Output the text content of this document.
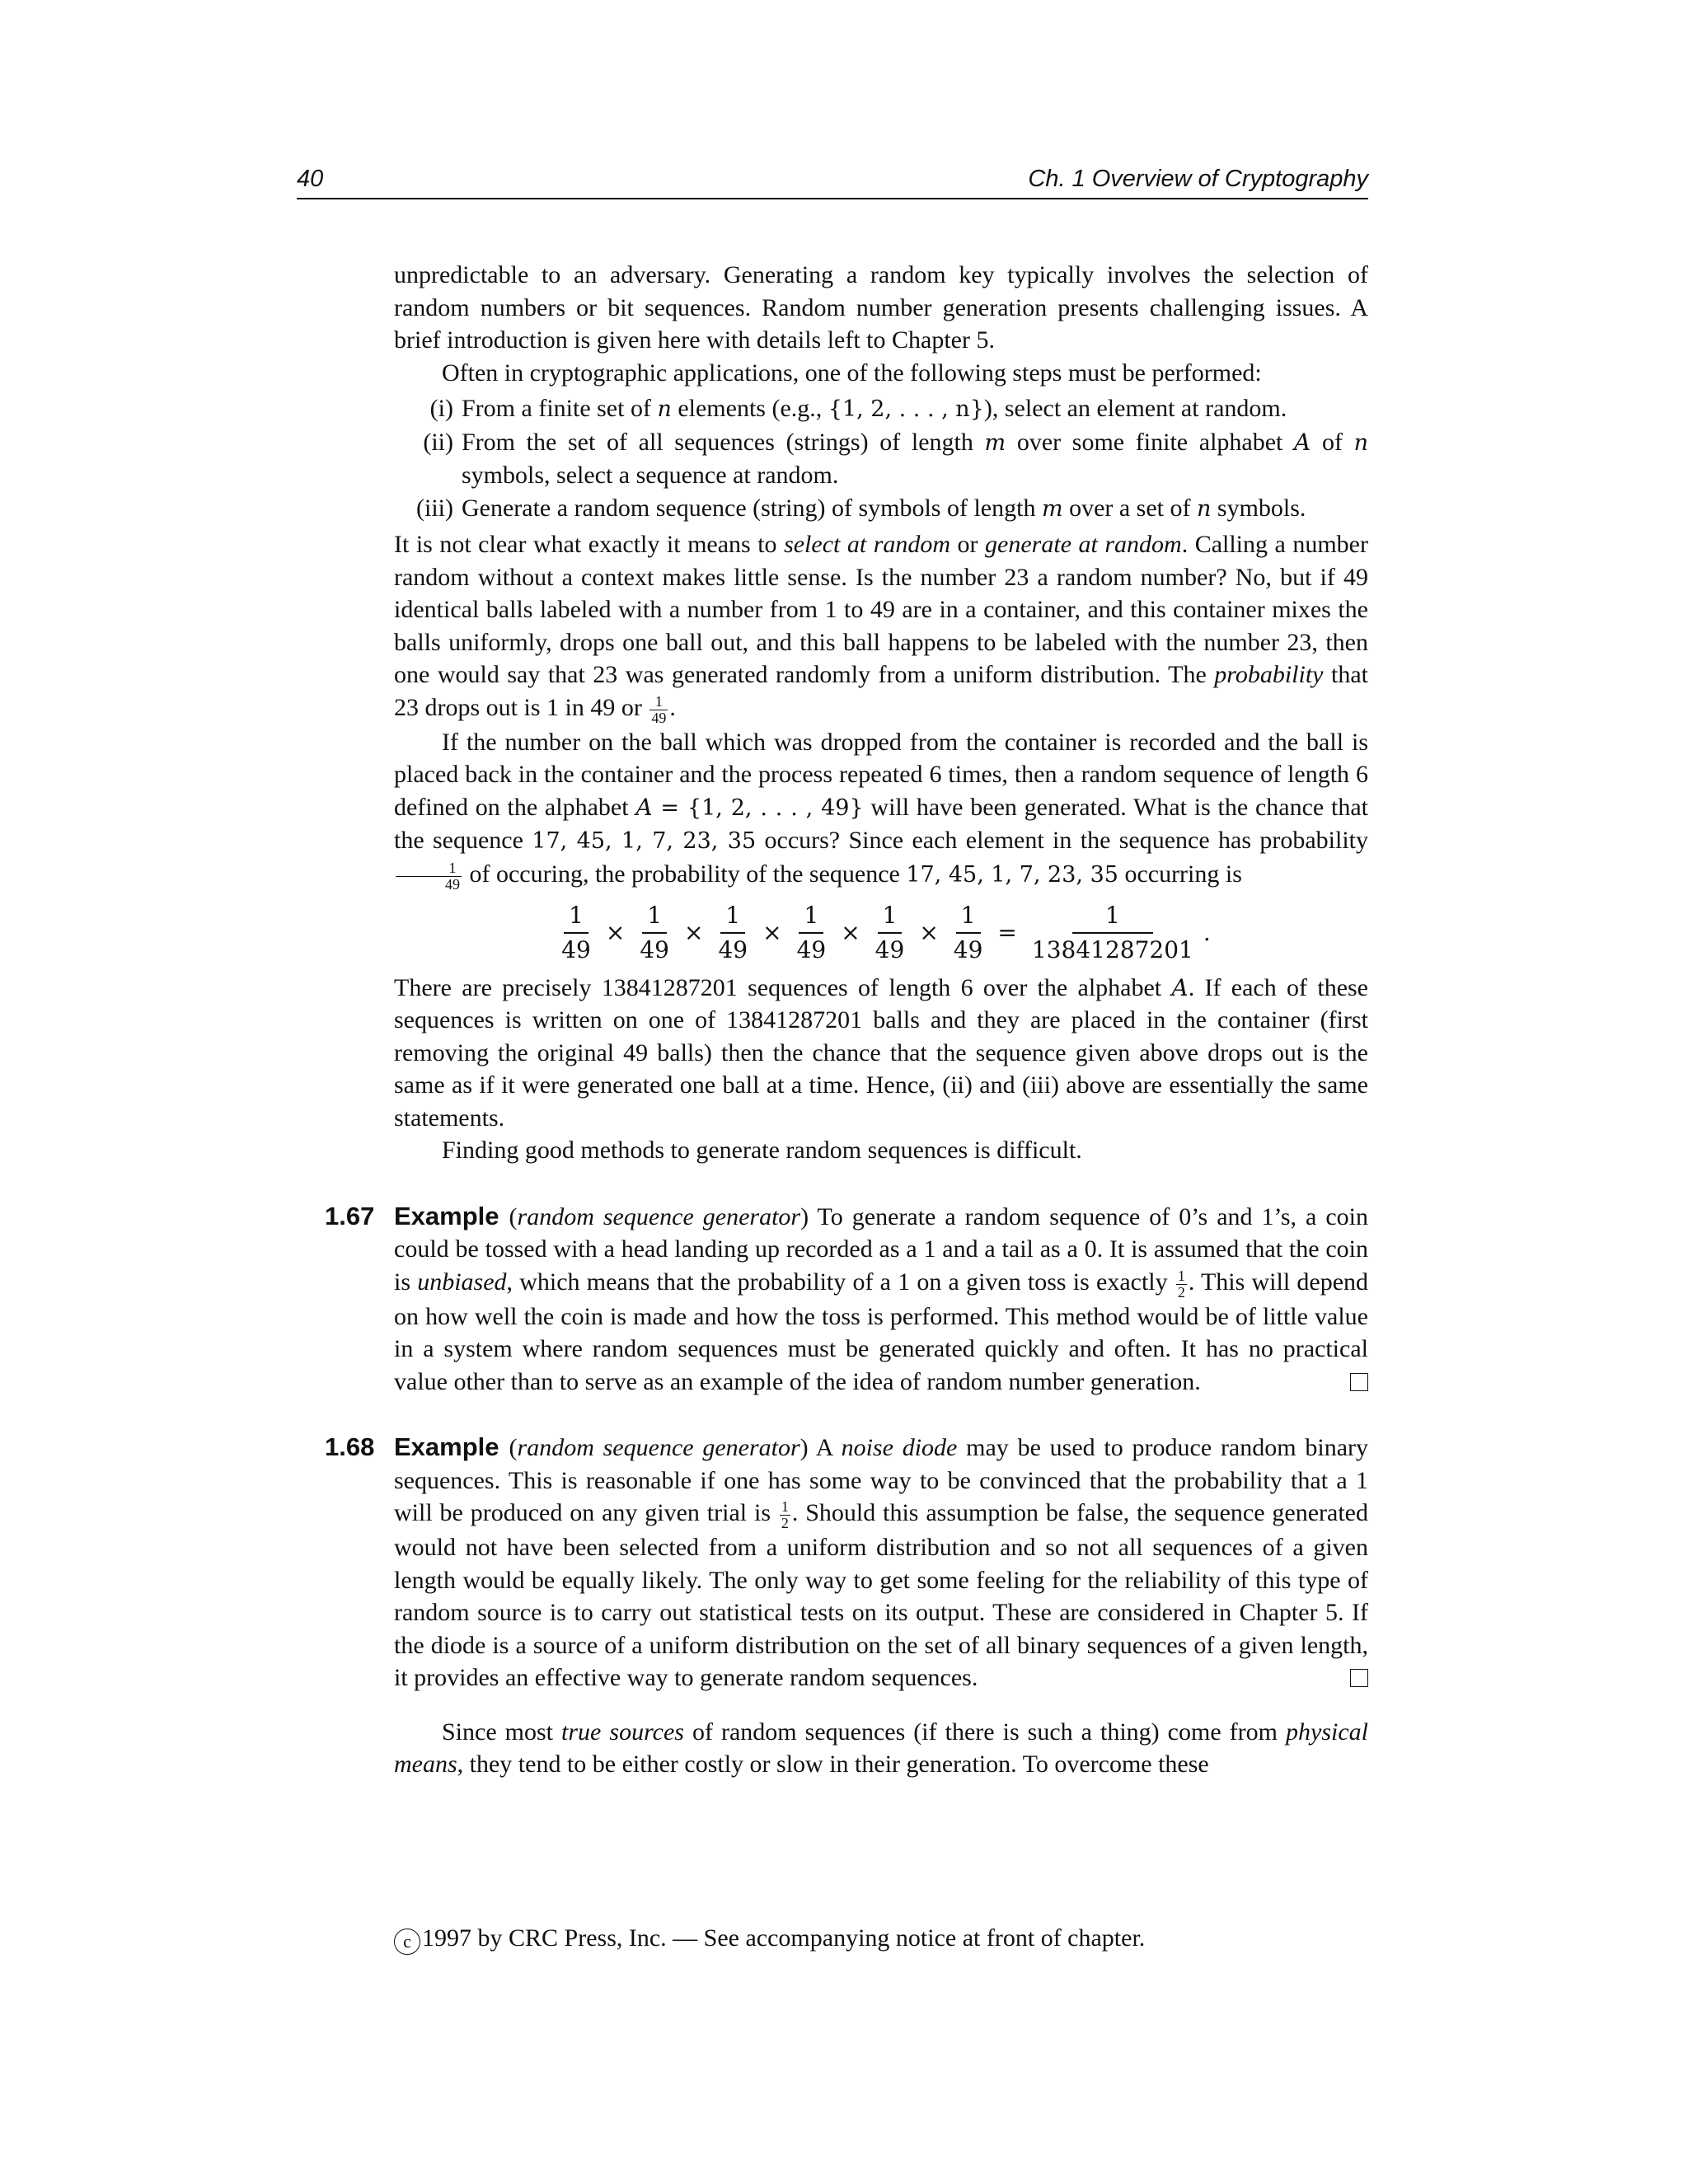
40	Ch. 1 Overview of Cryptography

unpredictable to an adversary. Generating a random key typically involves the selection of random numbers or bit sequences. Random number generation presents challenging issues. A brief introduction is given here with details left to Chapter 5.

Often in cryptographic applications, one of the following steps must be performed:

(i) From a finite set of n elements (e.g., {1, 2, . . . , n}), select an element at random.
(ii) From the set of all sequences (strings) of length m over some finite alphabet A of n symbols, select a sequence at random.
(iii) Generate a random sequence (string) of symbols of length m over a set of n symbols.

It is not clear what exactly it means to select at random or generate at random. Calling a number random without a context makes little sense. Is the number 23 a random number? No, but if 49 identical balls labeled with a number from 1 to 49 are in a container, and this container mixes the balls uniformly, drops one ball out, and this ball happens to be labeled with the number 23, then one would say that 23 was generated randomly from a uniform distribution. The probability that 23 drops out is 1 in 49 or $\frac{1}{49}$ .

If the number on the ball which was dropped from the container is recorded and the ball is placed back in the container and the process repeated 6 times, then a random sequence of length 6 defined on the alphabet A = {1, 2, . . . , 49} will have been generated. What is the chance that the sequence 17, 45, 1, 7, 23, 35 occurs? Since each element in the sequence has probability
$\frac{1}{49}$ of occuring, the probability of the sequence 17, 45, 1, 7, 23, 35 occurring is

$\frac{1}{49} \times \frac{1}{49} \times \frac{1}{49} \times \frac{1}{49} \times \frac{1}{49} \times \frac{1}{49} = \frac{1}{13841287201}$ .

There are precisely 13841287201 sequences of length 6 over the alphabet A. If each of these sequences is written on one of 13841287201 balls and they are placed in the container (first removing the original 49 balls) then the chance that the sequence given above drops out is the same as if it were generated one ball at a time. Hence, (ii) and (iii) above are essentially the same statements.

Finding good methods to generate random sequences is difficult.

1.67 Example (random sequence generator) To generate a random sequence of 0’s and 1’s, a coin could be tossed with a head landing up recorded as a 1 and a tail as a 0. It is assumed that the coin is unbiased, which means that the probability of a 1 on a given toss is exactly $\frac{1}{2}$ . This will depend on how well the coin is made and how the toss is performed. This method would be of little value in a system where random sequences must be generated quickly and often. It has no practical value other than to serve as an example of the idea of random number generation.

1.68 Example (random sequence generator) A noise diode may be used to produce random binary sequences. This is reasonable if one has some way to be convinced that the probability that a 1 will be produced on any given trial is $\frac{1}{2}$ . Should this assumption be false, the sequence generated would not have been selected from a uniform distribution and so not all sequences of a given length would be equally likely. The only way to get some feeling for the reliability of this type of random source is to carry out statistical tests on its output. These are considered in Chapter 5. If the diode is a source of a uniform distribution on the set of all binary sequences of a given length, it provides an effective way to generate random sequences.

Since most true sources of random sequences (if there is such a thing) come from physical means, they tend to be either costly or slow in their generation. To overcome these

c 1997 by CRC Press, Inc. — See accompanying notice at front of chapter.
